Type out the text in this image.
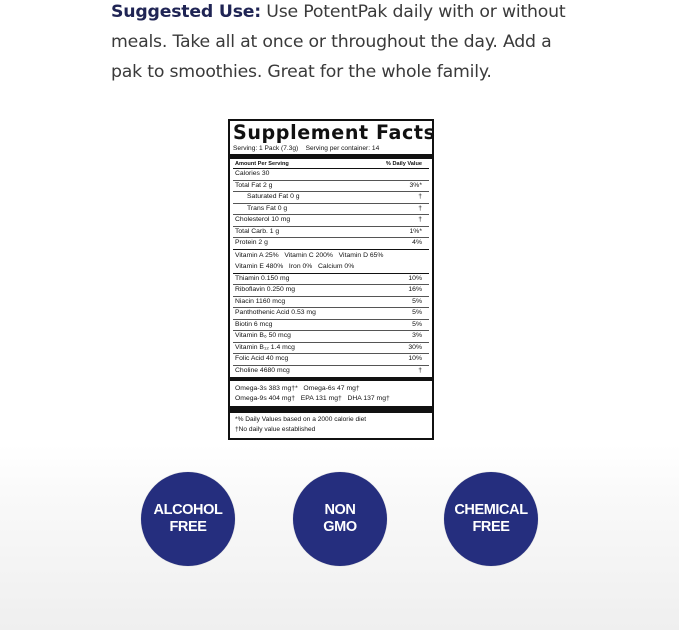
Suggested Use: Use PotentPak daily with or without meals. Take all at once or throughout the day. Add a pak to smoothies. Great for the whole family.

Supplement Facts
Serving: 1 Pack (7.3g) Serving per container: 14
Amount Per Serving	% Daily Value
Calories 30
Total Fat 2 g	3%*
Saturated Fat 0 g	†
Trans Fat 0 g	†
Cholesterol 10 mg	†
Total Carb. 1 g	1%*
Protein 2 g	4%
Vitamin A 25%   Vitamin C 200%   Vitamin D 65%
Vitamin E 480%   Iron 0%   Calcium 0%
Thiamin 0.150 mg	10%
Riboflavin 0.250 mg	16%
Niacin 1160 mcg	5%
Panthothenic Acid 0.53 mg	5%
Biotin 6 mcg	5%
Vitamin B₆ 50 mcg	3%
Vitamin B₁₂ 1.4 mcg	30%
Folic Acid 40 mcg	10%
Choline 4680 mcg	†
Omega-3s 383 mg†*   Omega-6s 47 mg†
Omega-9s 404 mg†   EPA 131 mg†   DHA 137 mg†
*% Daily Values based on a 2000 calorie diet
†No daily value established
ALCOHOL
FREE
NON
GMO
CHEMICAL
FREE
